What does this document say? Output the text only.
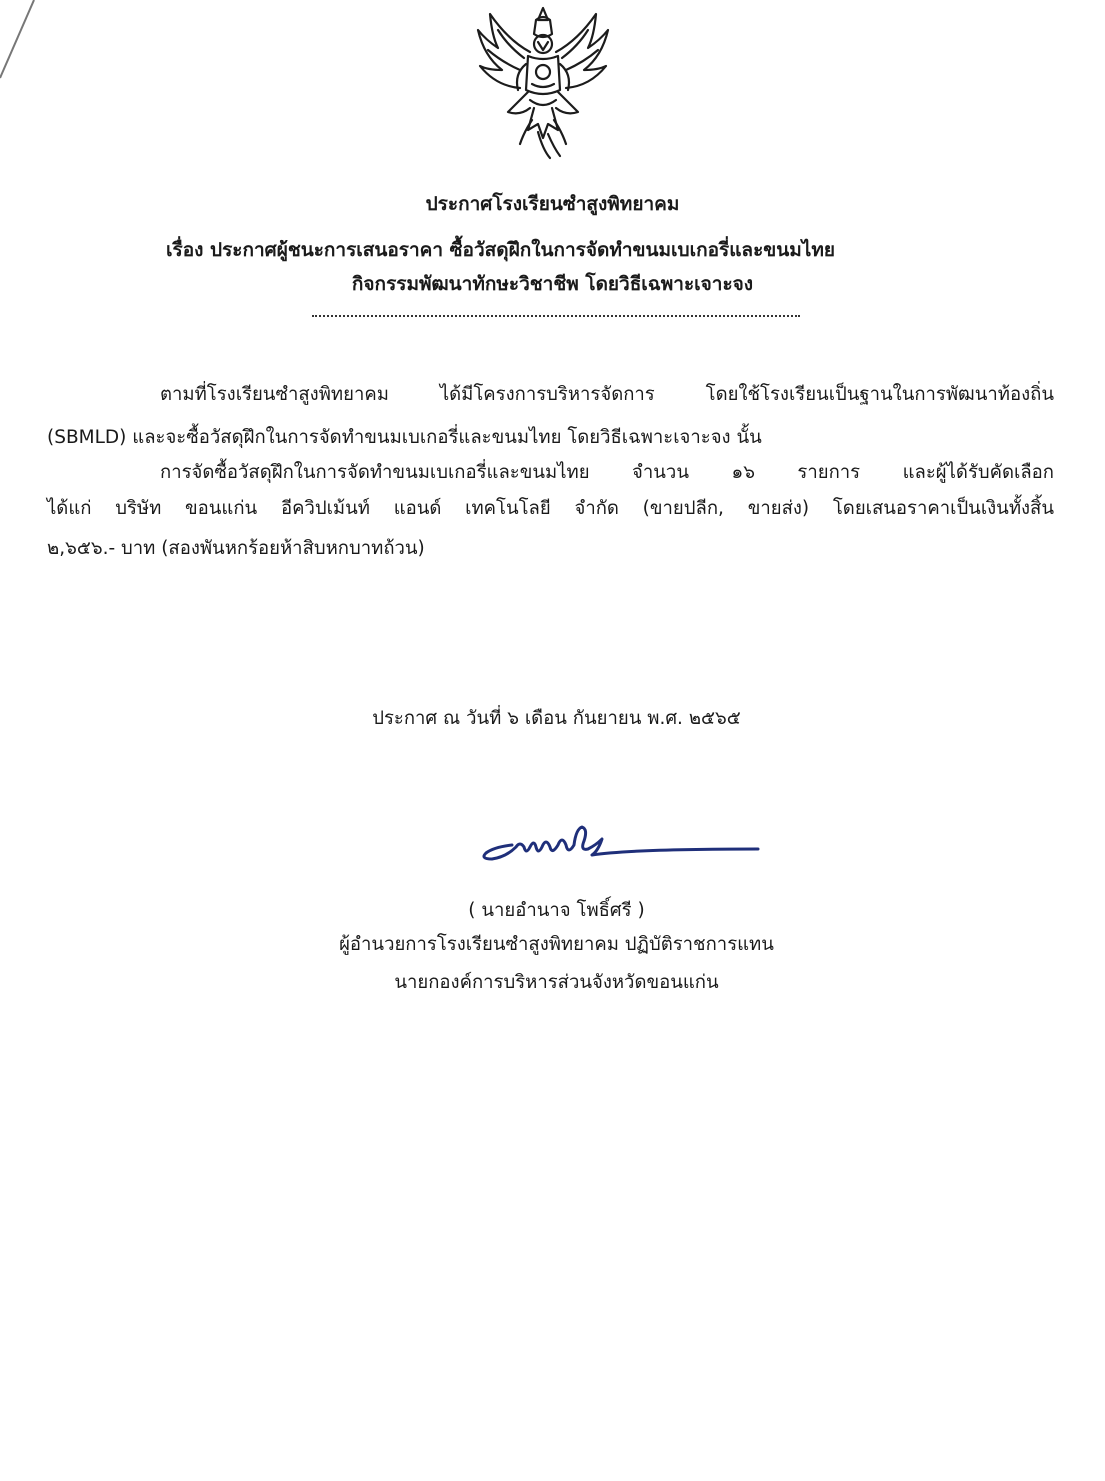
ประกาศโรงเรียนซำสูงพิทยาคม
เรื่อง ประกาศผู้ชนะการเสนอราคา ซื้อวัสดุฝึกในการจัดทำขนมเบเกอรี่และขนมไทย
กิจกรรมพัฒนาทักษะวิชาชีพ โดยวิธีเฉพาะเจาะจง
ตามที่โรงเรียนซำสูงพิทยาคม ได้มีโครงการบริหารจัดการ โดยใช้โรงเรียนเป็นฐานในการพัฒนาท้องถิ่น
(SBMLD) และจะซื้อวัสดุฝึกในการจัดทำขนมเบเกอรี่และขนมไทย โดยวิธีเฉพาะเจาะจง นั้น
การจัดซื้อวัสดุฝึกในการจัดทำขนมเบเกอรี่และขนมไทย จำนวน ๑๖ รายการ และผู้ได้รับคัดเลือก
ได้แก่ บริษัท ขอนแก่น อีควิปเม้นท์ แอนด์ เทคโนโลยี จำกัด (ขายปลีก, ขายส่ง) โดยเสนอราคาเป็นเงินทั้งสิ้น
๒,๖๕๖.- บาท (สองพันหกร้อยห้าสิบหกบาทถ้วน)
ประกาศ ณ วันที่ ๖ เดือน กันยายน พ.ศ. ๒๕๖๕
( นายอำนาจ โพธิ์ศรี )
ผู้อำนวยการโรงเรียนซำสูงพิทยาคม ปฏิบัติราชการแทน
นายกองค์การบริหารส่วนจังหวัดขอนแก่น
